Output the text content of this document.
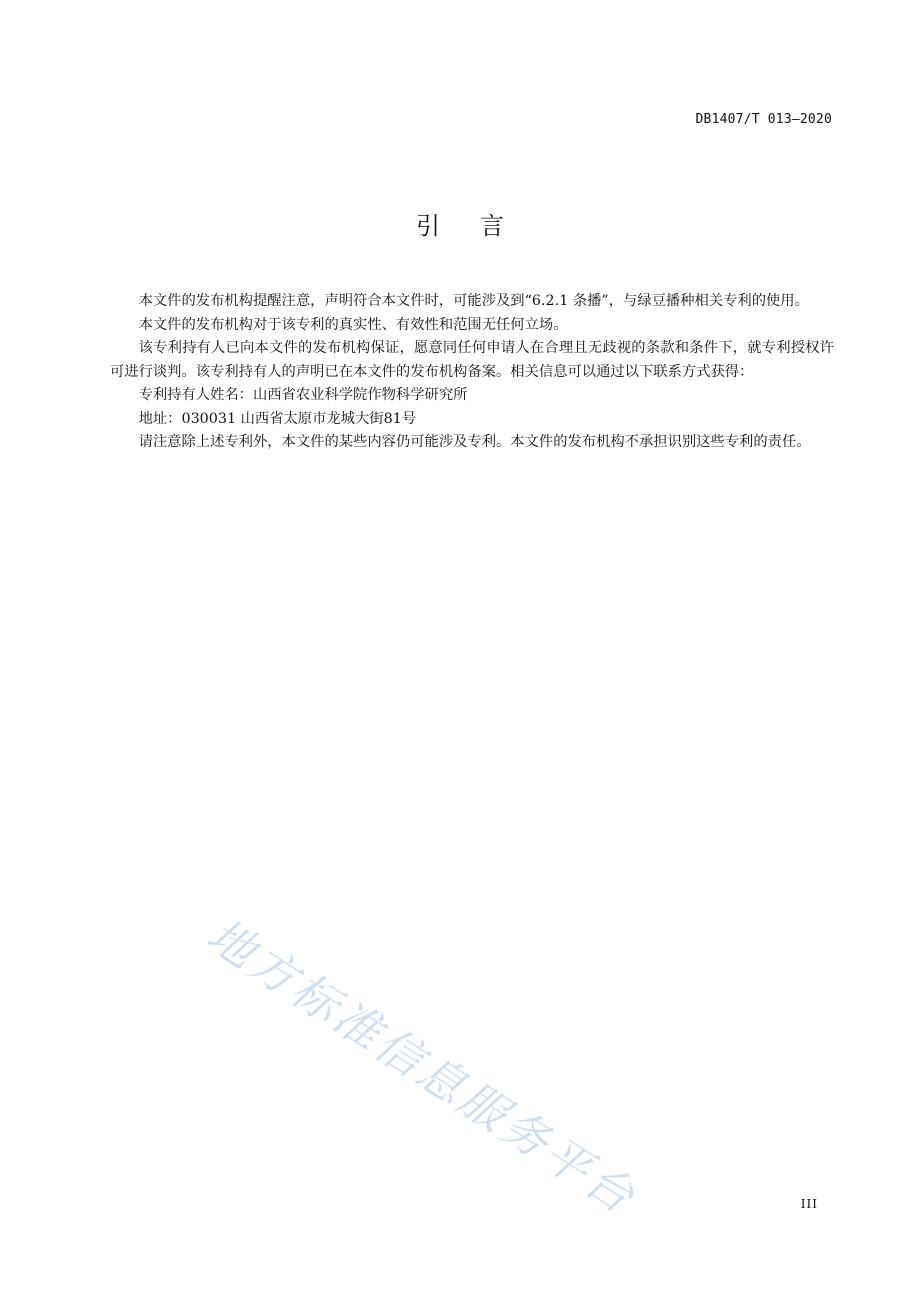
DB1407/T 013—2020
引言

本文件的发布机构提醒注意，声明符合本文件时，可能涉及到“6.2.1 条播”，与绿豆播种相关专利的使用。

本文件的发布机构对于该专利的真实性、有效性和范围无任何立场。

该专利持有人已向本文件的发布机构保证，愿意同任何申请人在合理且无歧视的条款和条件下，就专利授权许可进行谈判。该专利持有人的声明已在本文件的发布机构备案。相关信息可以通过以下联系方式获得：

专利持有人姓名：山西省农业科学院作物科学研究所

地址：030031 山西省太原市龙城大街81号

请注意除上述专利外，本文件的某些内容仍可能涉及专利。本文件的发布机构不承担识别这些专利的责任。

地方标准信息服务平台	III
